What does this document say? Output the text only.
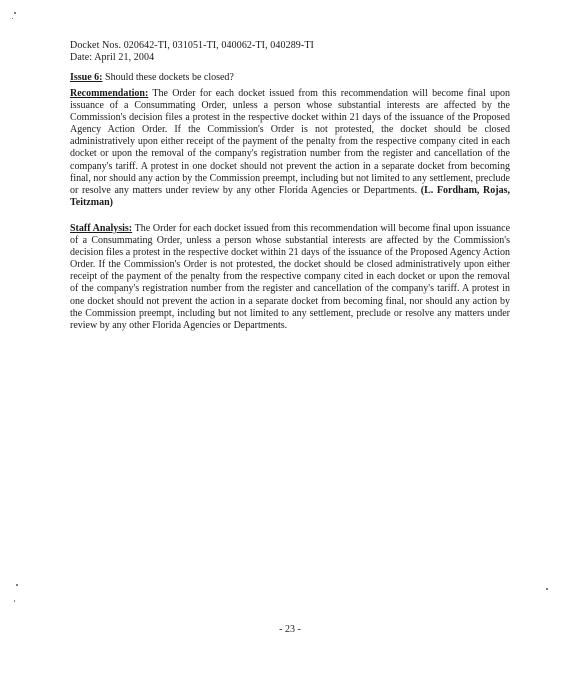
Docket Nos. 020642-TI, 031051-TI, 040062-TI, 040289-TI
Date: April 21, 2004
Issue 6: Should these dockets be closed?
Recommendation: The Order for each docket issued from this recommendation will become final upon issuance of a Consummating Order, unless a person whose substantial interests are affected by the Commission's decision files a protest in the respective docket within 21 days of the issuance of the Proposed Agency Action Order. If the Commission's Order is not protested, the docket should be closed administratively upon either receipt of the payment of the penalty from the respective company cited in each docket or upon the removal of the company's registration number from the register and cancellation of the company's tariff. A protest in one docket should not prevent the action in a separate docket from becoming final, nor should any action by the Commission preempt, including but not limited to any settlement, preclude or resolve any matters under review by any other Florida Agencies or Departments. (L. Fordham, Rojas, Teitzman)
Staff Analysis: The Order for each docket issued from this recommendation will become final upon issuance of a Consummating Order, unless a person whose substantial interests are affected by the Commission's decision files a protest in the respective docket within 21 days of the issuance of the Proposed Agency Action Order. If the Commission's Order is not protested, the docket should be closed administratively upon either receipt of the payment of the penalty from the respective company cited in each docket or upon the removal of the company's registration number from the register and cancellation of the company's tariff. A protest in one docket should not prevent the action in a separate docket from becoming final, nor should any action by the Commission preempt, including but not limited to any settlement, preclude or resolve any matters under review by any other Florida Agencies or Departments.
- 23 -
